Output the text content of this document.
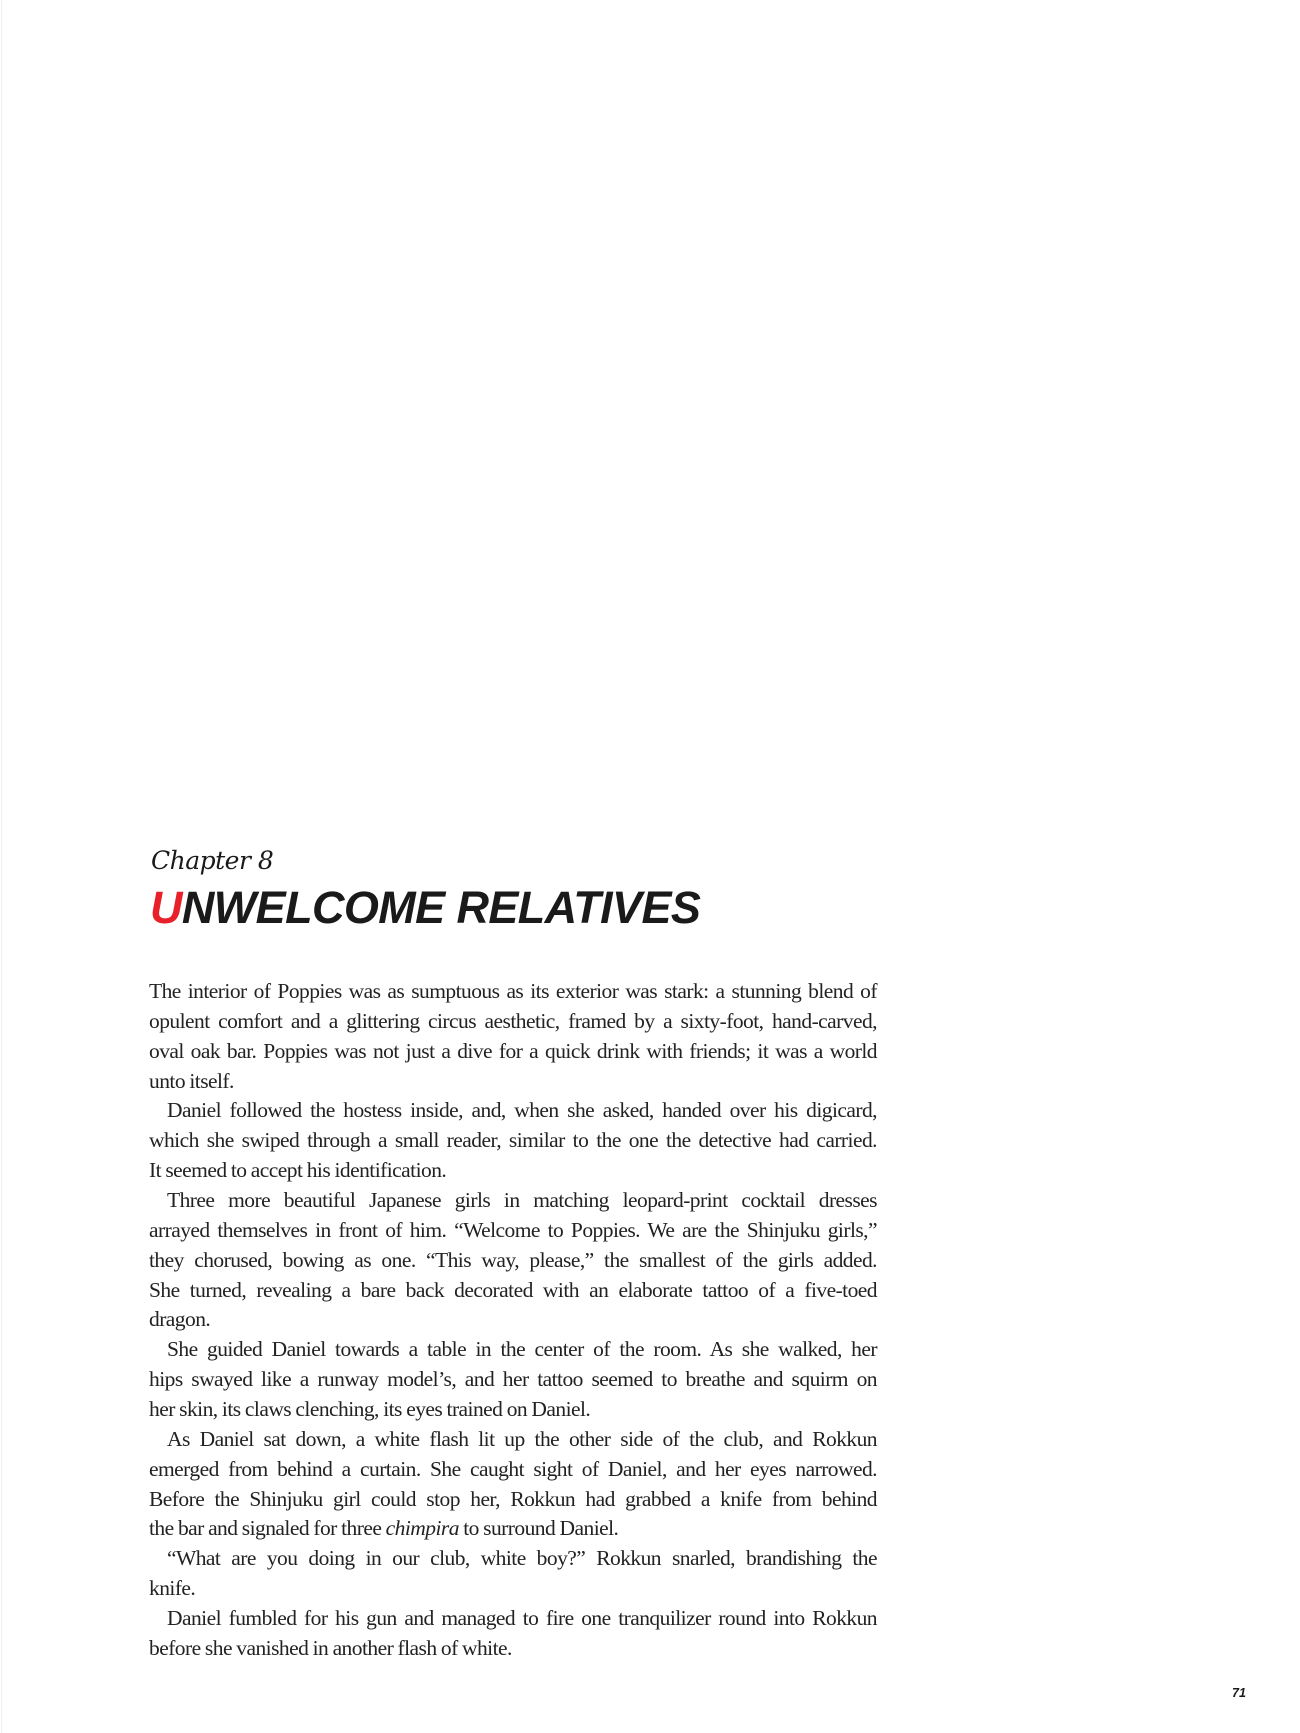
Chapter 8
UNWELCOME RELATIVES
The interior of Poppies was as sumptuous as its exterior was stark: a stunning blend of
opulent comfort and a glittering circus aesthetic, framed by a sixty-foot, hand-carved,
oval oak bar. Poppies was not just a dive for a quick drink with friends; it was a world
unto itself.
Daniel followed the hostess inside, and, when she asked, handed over his digicard,
which she swiped through a small reader, similar to the one the detective had carried.
It seemed to accept his identification.
Three more beautiful Japanese girls in matching leopard-print cocktail dresses
arrayed themselves in front of him. “Welcome to Poppies. We are the Shinjuku girls,”
they chorused, bowing as one. “This way, please,” the smallest of the girls added.
She turned, revealing a bare back decorated with an elaborate tattoo of a five-toed
dragon.
She guided Daniel towards a table in the center of the room. As she walked, her
hips swayed like a runway model’s, and her tattoo seemed to breathe and squirm on
her skin, its claws clenching, its eyes trained on Daniel.
As Daniel sat down, a white flash lit up the other side of the club, and Rokkun
emerged from behind a curtain. She caught sight of Daniel, and her eyes narrowed.
Before the Shinjuku girl could stop her, Rokkun had grabbed a knife from behind
the bar and signaled for three chimpira to surround Daniel.
“What are you doing in our club, white boy?” Rokkun snarled, brandishing the
knife.
Daniel fumbled for his gun and managed to fire one tranquilizer round into Rokkun
before she vanished in another flash of white.
71
